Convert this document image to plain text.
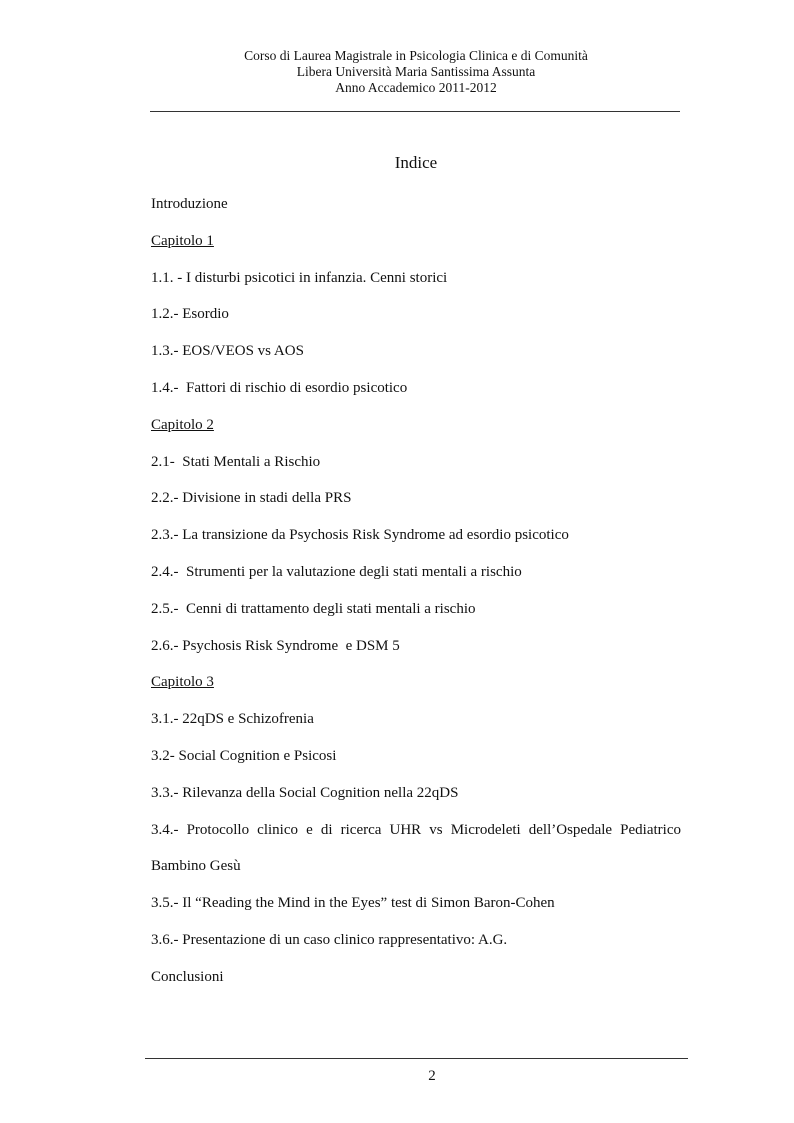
Corso di Laurea Magistrale in Psicologia Clinica e di Comunità
Libera Università Maria Santissima Assunta
Anno Accademico 2011-2012
Indice
Introduzione
Capitolo 1
1.1. - I disturbi psicotici in infanzia. Cenni storici
1.2.- Esordio
1.3.- EOS/VEOS vs AOS
1.4.-  Fattori di rischio di esordio psicotico
Capitolo 2
2.1-  Stati Mentali a Rischio
2.2.- Divisione in stadi della PRS
2.3.- La transizione da Psychosis Risk Syndrome ad esordio psicotico
2.4.-  Strumenti per la valutazione degli stati mentali a rischio
2.5.-  Cenni di trattamento degli stati mentali a rischio
2.6.- Psychosis Risk Syndrome  e DSM 5
Capitolo 3
3.1.- 22qDS e Schizofrenia
3.2- Social Cognition e Psicosi
3.3.- Rilevanza della Social Cognition nella 22qDS
3.4.- Protocollo clinico e di ricerca UHR vs Microdeleti dell’Ospedale Pediatrico
Bambino Gesù
3.5.- Il “Reading the Mind in the Eyes” test di Simon Baron-Cohen
3.6.- Presentazione di un caso clinico rappresentativo: A.G.
Conclusioni
2
